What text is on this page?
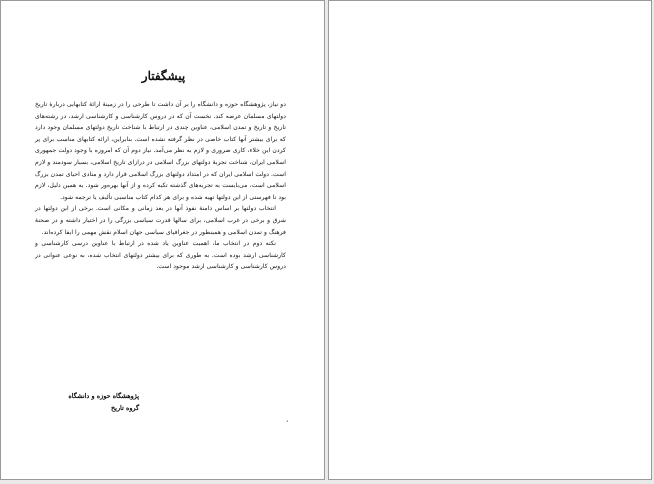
پیشگفتار

دو نیاز، پژوهشگاه حوزه و دانشگاه را بر آن داشت تا طرحی را در زمینهٔ ارائهٔ کتابهایی دربارهٔ تاریخ دولتهای مسلمان عرضه کند. نخست آن که در دروس کارشناسی و کارشناسی ارشد، در رشته‌های تاریخ و تاریخ و تمدن اسلامی، عناوین چندی در ارتباط با شناخت تاریخ دولتهای مسلمان وجود دارد که برای بیشتر آنها کتاب خاصی در نظر گرفته نشده است. بنابراین، ارائه کتابهای مناسب برای پر کردن این خلاء، کاری ضروری و لازم به نظر می‌آمد. نیاز دوم آن که امروزه با وجود دولت جمهوری اسلامی ایران، شناخت تجربهٔ دولتهای بزرگ اسلامی در درازای تاریخ اسلامی، بسیار سودمند و لازم است. دولت اسلامی ایران که در امتداد دولتهای بزرگ اسلامی قرار دارد و منادی احیای تمدن بزرگ اسلامی است، می‌بایست به تجربه‌های گذشته تکیه کرده و از آنها بهره‌ور شود. به همین دلیل، لازم بود تا فهرستی از این دولتها تهیه شده و برای هر کدام کتاب مناسبی تألیف یا ترجمه شود.

انتخاب دولتها بر اساس دامنهٔ نفوذ آنها در بعد زمانی و مکانی است. برخی از این دولتها در شرق و برخی در غرب اسلامی، برای سالها قدرت سیاسی بزرگی را در اختیار داشته و در صحنهٔ فرهنگ و تمدن اسلامی و همینطور در جغرافیای سیاسی جهان اسلام نقش مهمی را ایفا کرده‌اند.

نکته دوم در انتخاب ما، اهمیت عناوین یاد شده در ارتباط با عناوین درسی کارشناسی و کارشناسی ارشد بوده است. به طوری که برای بیشتر دولتهای انتخاب شده، به نوعی عنوانی در دروس کارشناسی و کارشناسی ارشد موجود است.

پژوهشگاه حوزه و دانشگاه
گروه تاریخ
،
